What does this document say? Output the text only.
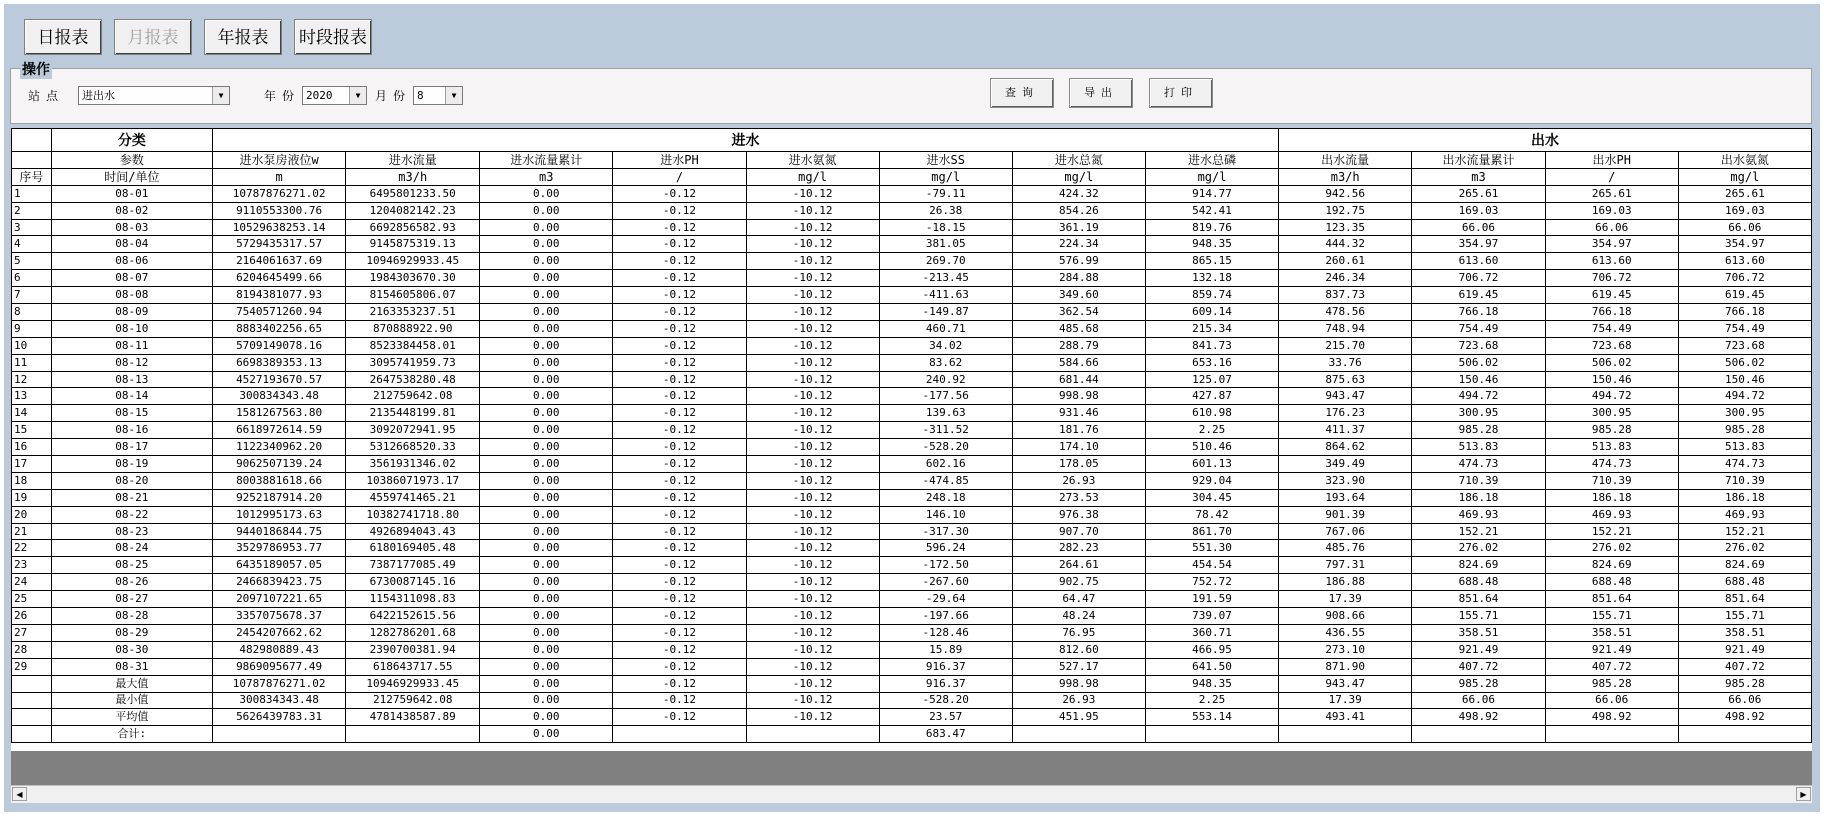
日报表	月报表	年报表	时段报表
操作
站点	进出水	▼	年份 2020	▼	月份 8	▼	查询	导出	打印
	分类	进水								出水			
	参数	进水泵房液位w	进水流量	进水流量累计	进水PH	进水氨氮	进水SS	进水总氮	进水总磷	出水流量	出水流量累计	出水PH	出水氨氮
序号	时间/单位	m	m3/h	m3	/	mg/l	mg/l	mg/l	mg/l	m3/h	m3	/	mg/l
1	08-01	10787876271.02	6495801233.50	0.00	-0.12	-10.12	-79.11	424.32	914.77	942.56	265.61	265.61	265.61
2	08-02	9110553300.76	1204082142.23	0.00	-0.12	-10.12	26.38	854.26	542.41	192.75	169.03	169.03	169.03
3	08-03	10529638253.14	6692856582.93	0.00	-0.12	-10.12	-18.15	361.19	819.76	123.35	66.06	66.06	66.06
4	08-04	5729435317.57	9145875319.13	0.00	-0.12	-10.12	381.05	224.34	948.35	444.32	354.97	354.97	354.97
5	08-06	2164061637.69	10946929933.45	0.00	-0.12	-10.12	269.70	576.99	865.15	260.61	613.60	613.60	613.60
6	08-07	6204645499.66	1984303670.30	0.00	-0.12	-10.12	-213.45	284.88	132.18	246.34	706.72	706.72	706.72
7	08-08	8194381077.93	8154605806.07	0.00	-0.12	-10.12	-411.63	349.60	859.74	837.73	619.45	619.45	619.45
8	08-09	7540571260.94	2163353237.51	0.00	-0.12	-10.12	-149.87	362.54	609.14	478.56	766.18	766.18	766.18
9	08-10	8883402256.65	870888922.90	0.00	-0.12	-10.12	460.71	485.68	215.34	748.94	754.49	754.49	754.49
10	08-11	5709149078.16	8523384458.01	0.00	-0.12	-10.12	34.02	288.79	841.73	215.70	723.68	723.68	723.68
11	08-12	6698389353.13	3095741959.73	0.00	-0.12	-10.12	83.62	584.66	653.16	33.76	506.02	506.02	506.02
12	08-13	4527193670.57	2647538280.48	0.00	-0.12	-10.12	240.92	681.44	125.07	875.63	150.46	150.46	150.46
13	08-14	300834343.48	212759642.08	0.00	-0.12	-10.12	-177.56	998.98	427.87	943.47	494.72	494.72	494.72
14	08-15	1581267563.80	2135448199.81	0.00	-0.12	-10.12	139.63	931.46	610.98	176.23	300.95	300.95	300.95
15	08-16	6618972614.59	3092072941.95	0.00	-0.12	-10.12	-311.52	181.76	2.25	411.37	985.28	985.28	985.28
16	08-17	1122340962.20	5312668520.33	0.00	-0.12	-10.12	-528.20	174.10	510.46	864.62	513.83	513.83	513.83
17	08-19	9062507139.24	3561931346.02	0.00	-0.12	-10.12	602.16	178.05	601.13	349.49	474.73	474.73	474.73
18	08-20	8003881618.66	10386071973.17	0.00	-0.12	-10.12	-474.85	26.93	929.04	323.90	710.39	710.39	710.39
19	08-21	9252187914.20	4559741465.21	0.00	-0.12	-10.12	248.18	273.53	304.45	193.64	186.18	186.18	186.18
20	08-22	1012995173.63	10382741718.80	0.00	-0.12	-10.12	146.10	976.38	78.42	901.39	469.93	469.93	469.93
21	08-23	9440186844.75	4926894043.43	0.00	-0.12	-10.12	-317.30	907.70	861.70	767.06	152.21	152.21	152.21
22	08-24	3529786953.77	6180169405.48	0.00	-0.12	-10.12	596.24	282.23	551.30	485.76	276.02	276.02	276.02
23	08-25	6435189057.05	7387177085.49	0.00	-0.12	-10.12	-172.50	264.61	454.54	797.31	824.69	824.69	824.69
24	08-26	2466839423.75	6730087145.16	0.00	-0.12	-10.12	-267.60	902.75	752.72	186.88	688.48	688.48	688.48
25	08-27	2097107221.65	1154311098.83	0.00	-0.12	-10.12	-29.64	64.47	191.59	17.39	851.64	851.64	851.64
26	08-28	3357075678.37	6422152615.56	0.00	-0.12	-10.12	-197.66	48.24	739.07	908.66	155.71	155.71	155.71
27	08-29	2454207662.62	1282786201.68	0.00	-0.12	-10.12	-128.46	76.95	360.71	436.55	358.51	358.51	358.51
28	08-30	482980889.43	2390700381.94	0.00	-0.12	-10.12	15.89	812.60	466.95	273.10	921.49	921.49	921.49
29	08-31	9869095677.49	618643717.55	0.00	-0.12	-10.12	916.37	527.17	641.50	871.90	407.72	407.72	407.72
	最大值	10787876271.02	10946929933.45	0.00	-0.12	-10.12	916.37	998.98	948.35	943.47	985.28	985.28	985.28
	最小值	300834343.48	212759642.08	0.00	-0.12	-10.12	-528.20	26.93	2.25	17.39	66.06	66.06	66.06
	平均值	5626439783.31	4781438587.89	0.00	-0.12	-10.12	23.57	451.95	553.14	493.41	498.92	498.92	498.92
	合计:			0.00			683.47						
◀	▶
